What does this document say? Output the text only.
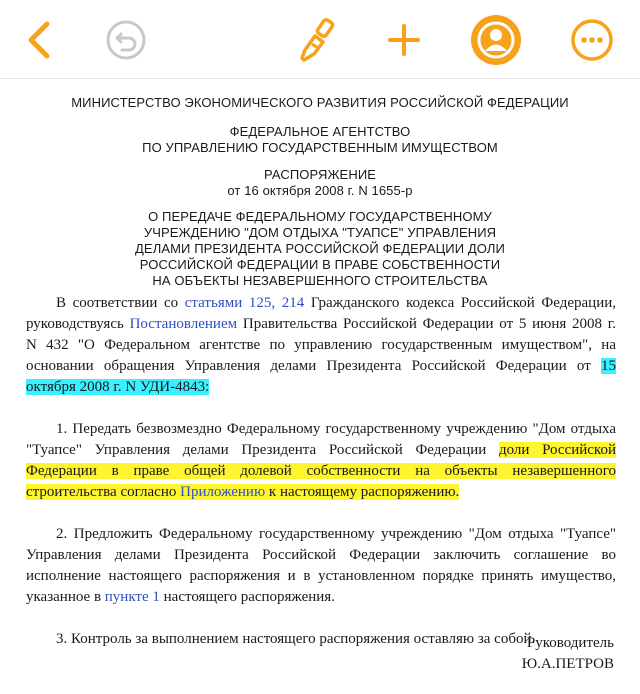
МИНИСТЕРСТВО ЭКОНОМИЧЕСКОГО РАЗВИТИЯ РОССИЙСКОЙ ФЕДЕРАЦИИ
ФЕДЕРАЛЬНОЕ АГЕНТСТВО
ПО УПРАВЛЕНИЮ ГОСУДАРСТВЕННЫМ ИМУЩЕСТВОМ
РАСПОРЯЖЕНИЕ
от 16 октября 2008 г. N 1655-р
О ПЕРЕДАЧЕ ФЕДЕРАЛЬНОМУ ГОСУДАРСТВЕННОМУ
УЧРЕЖДЕНИЮ "ДОМ ОТДЫХА "ТУАПСЕ" УПРАВЛЕНИЯ
ДЕЛАМИ ПРЕЗИДЕНТА РОССИЙСКОЙ ФЕДЕРАЦИИ ДОЛИ
РОССИЙСКОЙ ФЕДЕРАЦИИ В ПРАВЕ СОБСТВЕННОСТИ
НА ОБЪЕКТЫ НЕЗАВЕРШЕННОГО СТРОИТЕЛЬСТВА
В соответствии со статьями 125, 214 Гражданского кодекса Российской Федерации,
руководствуясь Постановлением Правительства Российской Федерации от 5 июня 2008 г.
N 432 "О Федеральном агентстве по управлению государственным имуществом", на
основании обращения Управления делами Президента Российской Федерации от 15
октября 2008 г. N УДИ-4843:
1. Передать безвозмездно Федеральному государственному учреждению "Дом отдыха
"Туапсе" Управления делами Президента Российской Федерации доли Российской
Федерации в праве общей долевой собственности на объекты незавершенного
строительства согласно Приложению к настоящему распоряжению.
2. Предложить Федеральному государственному учреждению "Дом отдыха "Туапсе"
Управления делами Президента Российской Федерации заключить соглашение во
исполнение настоящего распоряжения и в установленном порядке принять имущество,
указанное в пункте 1 настоящего распоряжения.
3. Контроль за выполнением настоящего распоряжения оставляю за собой.
Руководитель
Ю.А.ПЕТРОВ
